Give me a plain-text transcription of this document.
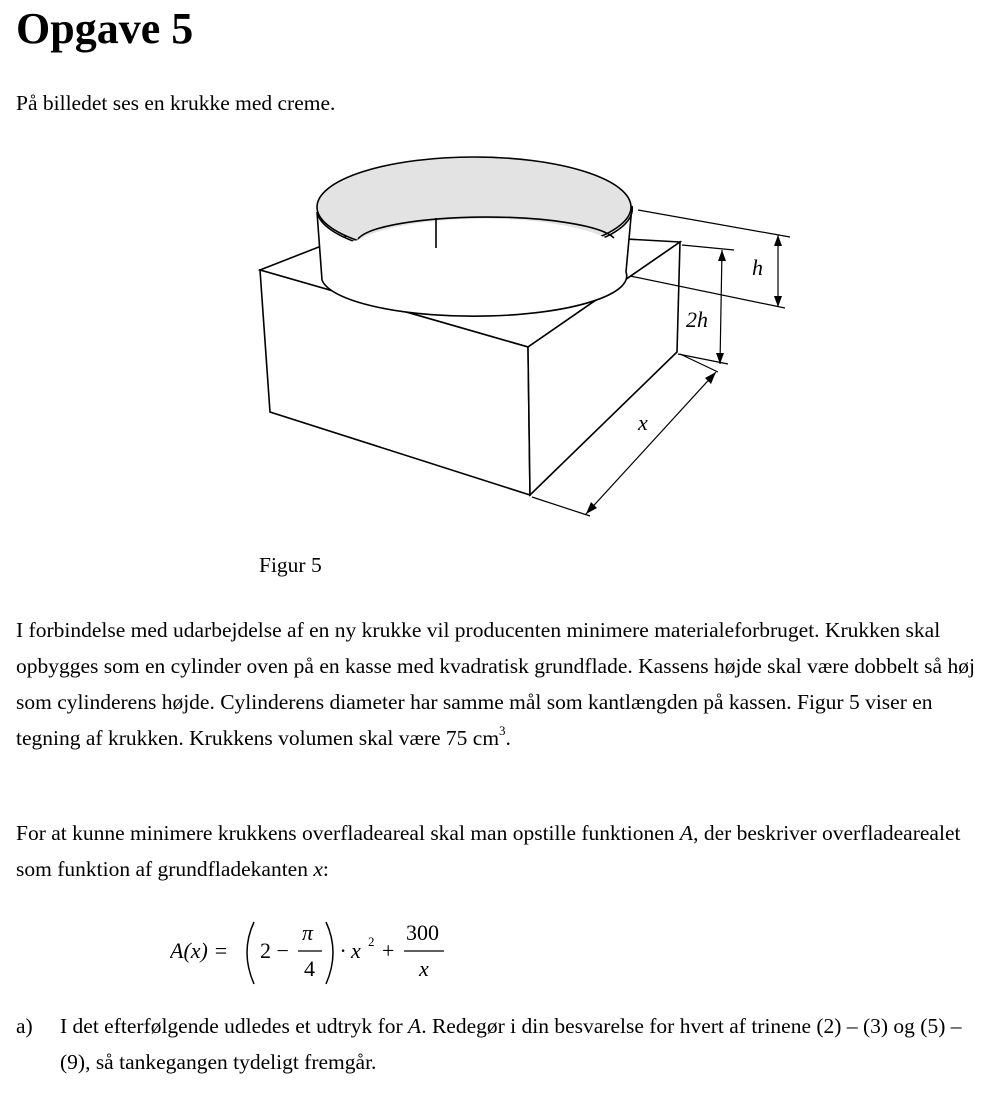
Opgave 5

På billedet ses en krukke med creme.

h
2h
x
Figur 5

I forbindelse med udarbejdelse af en ny krukke vil producenten minimere materialeforbruget. Krukken skal opbygges som en cylinder oven på en kasse med kvadratisk grundflade. Kassens højde skal være dobbelt så høj som cylinderens højde. Cylinderens diameter har samme mål som kantlængden på kassen. Figur 5 viser en tegning af krukken. Krukkens volumen skal være 75 $cm^3$.

For at kunne minimere krukkens overfladeareal skal man opstille funktionen A, der beskriver overfladearealet som funktion af grundfladekanten x:

A(x) = 2 −
π
4
· x 2 +
300
x
a) I det efterfølgende udledes et udtryk for A. Redegør i din besvarelse for hvert af trinene (2) – (3) og (5) – (9), så tankegangen tydeligt fremgår.
